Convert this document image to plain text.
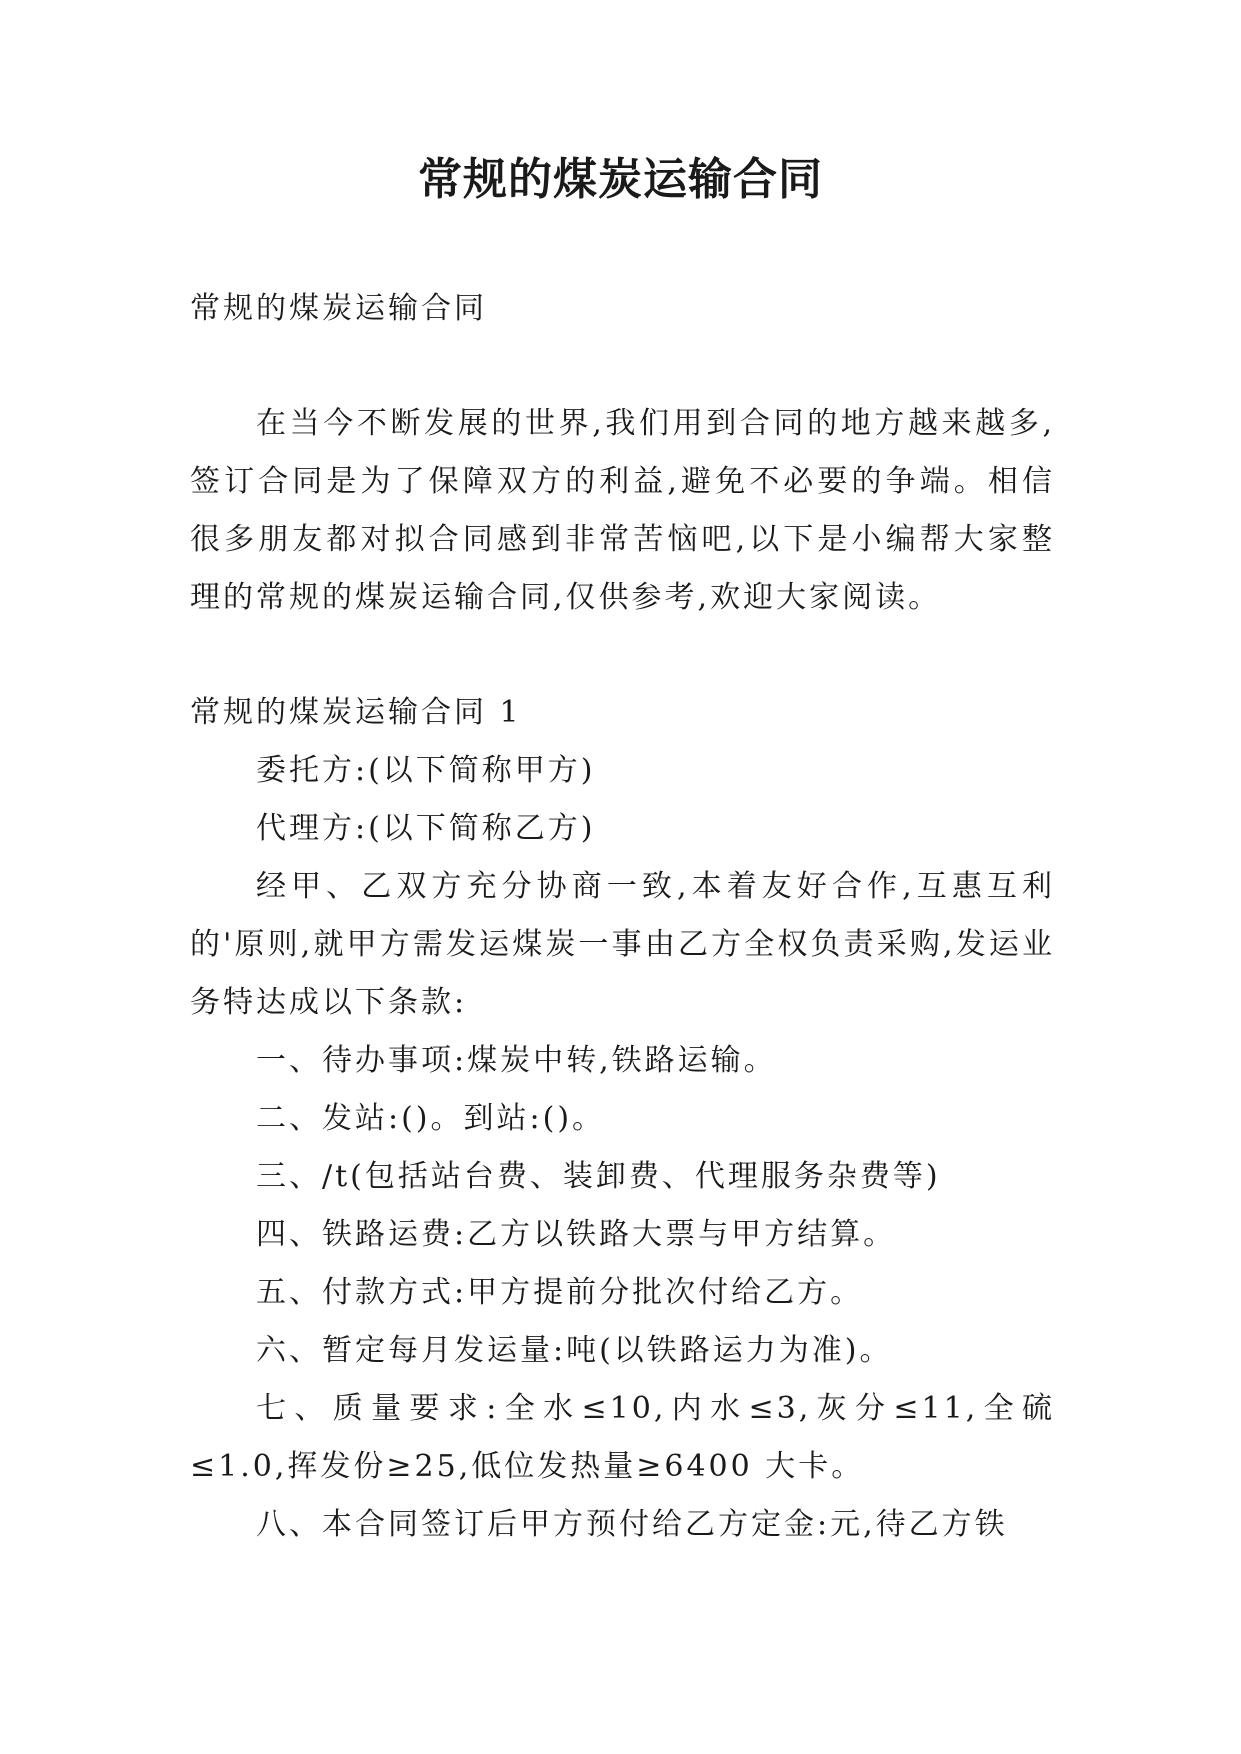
常规的煤炭运输合同

常规的煤炭运输合同

在当今不断发展的世界,我们用到合同的地方越来越多,签订合同是为了保障双方的利益,避免不必要的争端。相信很多朋友都对拟合同感到非常苦恼吧,以下是小编帮大家整理的常规的煤炭运输合同,仅供参考,欢迎大家阅读。

常规的煤炭运输合同 1

委托方:(以下简称甲方)

代理方:(以下简称乙方)

经甲、乙双方充分协商一致,本着友好合作,互惠互利的'原则,就甲方需发运煤炭一事由乙方全权负责采购,发运业务特达成以下条款:

一、待办事项:煤炭中转,铁路运输。

二、发站:()。到站:()。

三、/t(包括站台费、装卸费、代理服务杂费等)

四、铁路运费:乙方以铁路大票与甲方结算。

五、付款方式:甲方提前分批次付给乙方。

六、暂定每月发运量:吨(以铁路运力为准)。

七、质量要求:全水≤10,内水≤3,灰分≤11,全硫≤1.0,挥发份≥25,低位发热量≥6400 大卡。

八、本合同签订后甲方预付给乙方定金:元,待乙方铁
